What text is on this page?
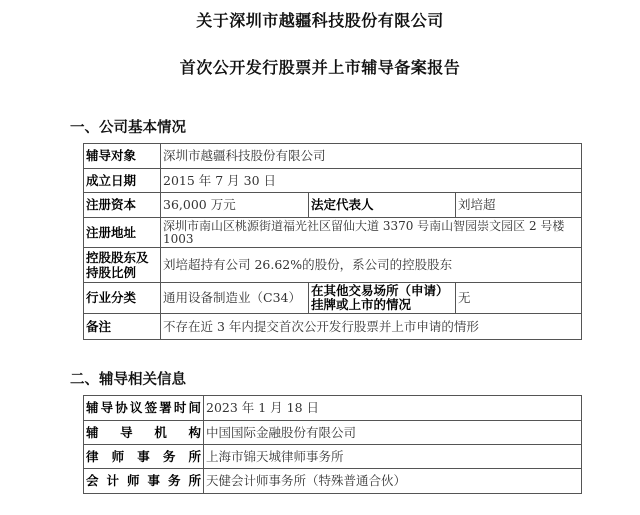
关于深圳市越疆科技股份有限公司
首次公开发行股票并上市辅导备案报告
一、公司基本情况
辅导对象	深圳市越疆科技股份有限公司		
成立日期	2015 年 7 月 30 日		
注册资本	36,000 万元	法定代表人	刘培超
注册地址	深圳市南山区桃源街道福光社区留仙大道 3370 号南山智园崇文园区 2 号楼 1003		
控股股东及持股比例	刘培超持有公司 26.62%的股份，系公司的控股股东		
行业分类	通用设备制造业（C34）	在其他交易场所（申请）挂牌或上市的情况	无
备注	不存在近 3 年内提交首次公开发行股票并上市申请的情形		
二、辅导相关信息
辅导协议签署时间	2023 年 1 月 18 日
辅导机构	中国国际金融股份有限公司
律师事务所	上海市锦天城律师事务所
会计师事务所	天健会计师事务所（特殊普通合伙）
